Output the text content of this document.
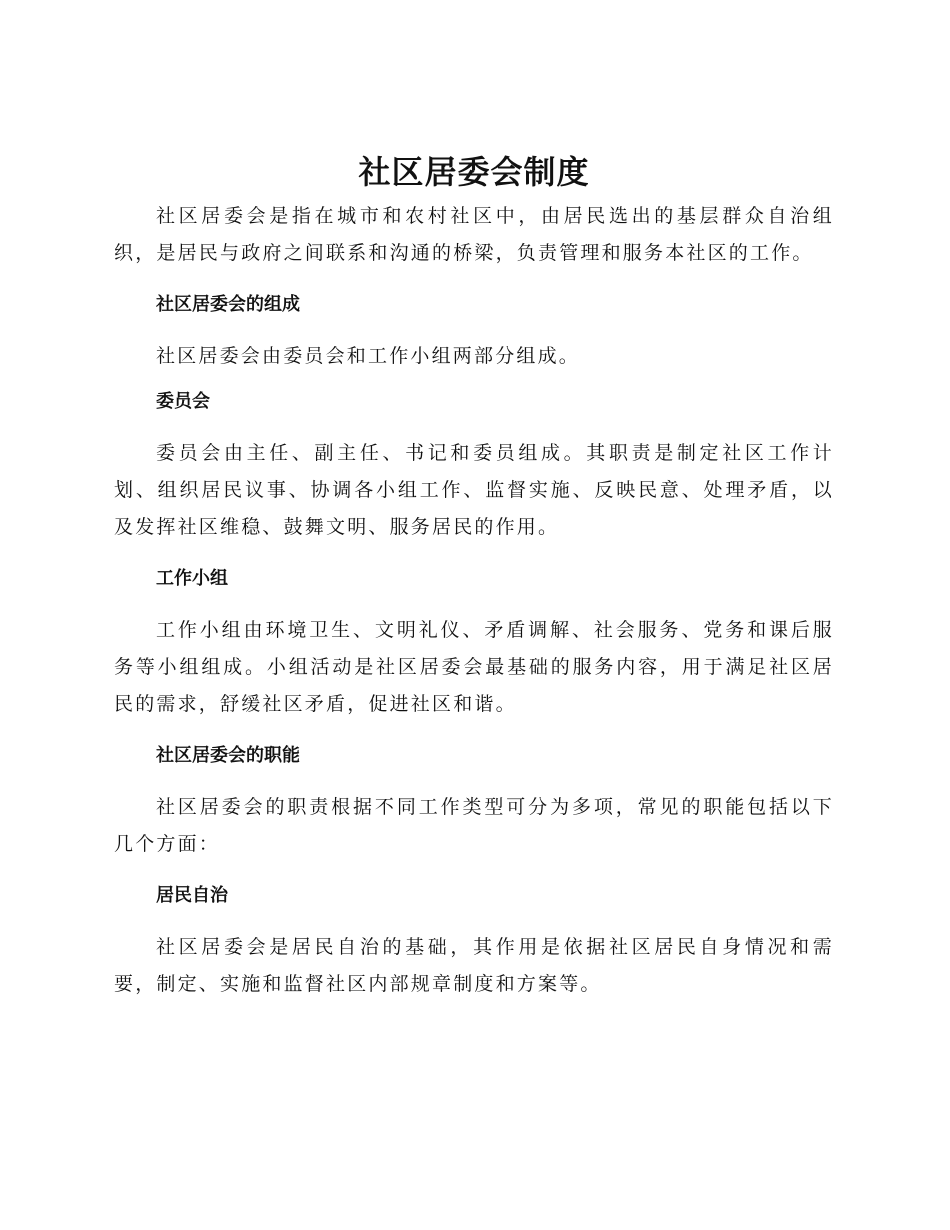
社区居委会制度

社区居委会是指在城市和农村社区中，由居民选出的基层群众自治组织，是居民与政府之间联系和沟通的桥梁，负责管理和服务本社区的工作。

社区居委会的组成

社区居委会由委员会和工作小组两部分组成。

委员会

委员会由主任、副主任、书记和委员组成。其职责是制定社区工作计划、组织居民议事、协调各小组工作、监督实施、反映民意、处理矛盾，以及发挥社区维稳、鼓舞文明、服务居民的作用。

工作小组

工作小组由环境卫生、文明礼仪、矛盾调解、社会服务、党务和课后服务等小组组成。小组活动是社区居委会最基础的服务内容，用于满足社区居民的需求，舒缓社区矛盾，促进社区和谐。

社区居委会的职能

社区居委会的职责根据不同工作类型可分为多项，常见的职能包括以下几个方面：

居民自治

社区居委会是居民自治的基础，其作用是依据社区居民自身情况和需要，制定、实施和监督社区内部规章制度和方案等。
